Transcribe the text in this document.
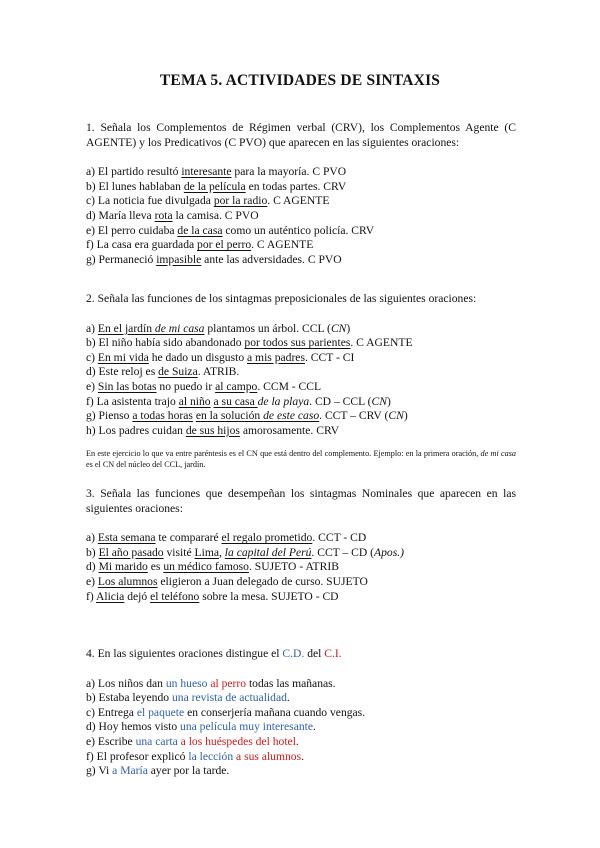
TEMA 5. ACTIVIDADES DE SINTAXIS
1. Señala los Complementos de Régimen verbal (CRV), los Complementos Agente (C AGENTE) y los Predicativos (C PVO) que aparecen en las siguientes oraciones:
a) El partido resultó interesante para la mayoría. C PVO
b) El lunes hablaban de la película en todas partes. CRV
c) La noticia fue divulgada por la radio. C AGENTE
d) María lleva rota la camisa. C PVO
e) El perro cuidaba de la casa como un auténtico policía. CRV
f) La casa era guardada por el perro. C AGENTE
g) Permaneció impasible ante las adversidades. C PVO
2. Señala las funciones de los sintagmas preposicionales de las siguientes oraciones:
a) En el jardín de mi casa plantamos un árbol. CCL (CN)
b) El niño había sido abandonado por todos sus parientes. C AGENTE
c) En mi vida he dado un disgusto a mis padres. CCT - CI
d) Este reloj es de Suiza. ATRIB.
e) Sin las botas no puedo ir al campo. CCM - CCL
f) La asistenta trajo al niño a su casa de la playa. CD – CCL (CN)
g) Pienso a todas horas en la solución de este caso. CCT – CRV (CN)
h) Los padres cuidan de sus hijos amorosamente. CRV
En este ejercicio lo que va entre paréntesis es el CN que está dentro del complemento. Ejemplo: en la primera oración, de mi casa es el CN del núcleo del CCL, jardín.
3. Señala las funciones que desempeñan los sintagmas Nominales que aparecen en las siguientes oraciones:
a) Esta semana te compararé el regalo prometido. CCT - CD
b) El año pasado visité Lima, la capital del Perú. CCT – CD (Apos.)
d) Mi marido es un médico famoso. SUJETO - ATRIB
e) Los alumnos eligieron a Juan delegado de curso. SUJETO
f) Alicia dejó el teléfono sobre la mesa. SUJETO - CD
4. En las siguientes oraciones distingue el C.D. del C.I.
a) Los niños dan un hueso al perro todas las mañanas.
b) Estaba leyendo una revista de actualidad.
c) Entrega el paquete en conserjería mañana cuando vengas.
d) Hoy hemos visto una película muy interesante.
e) Escribe una carta a los huéspedes del hotel.
f) El profesor explicó la lección a sus alumnos.
g) Vi a María ayer por la tarde.
